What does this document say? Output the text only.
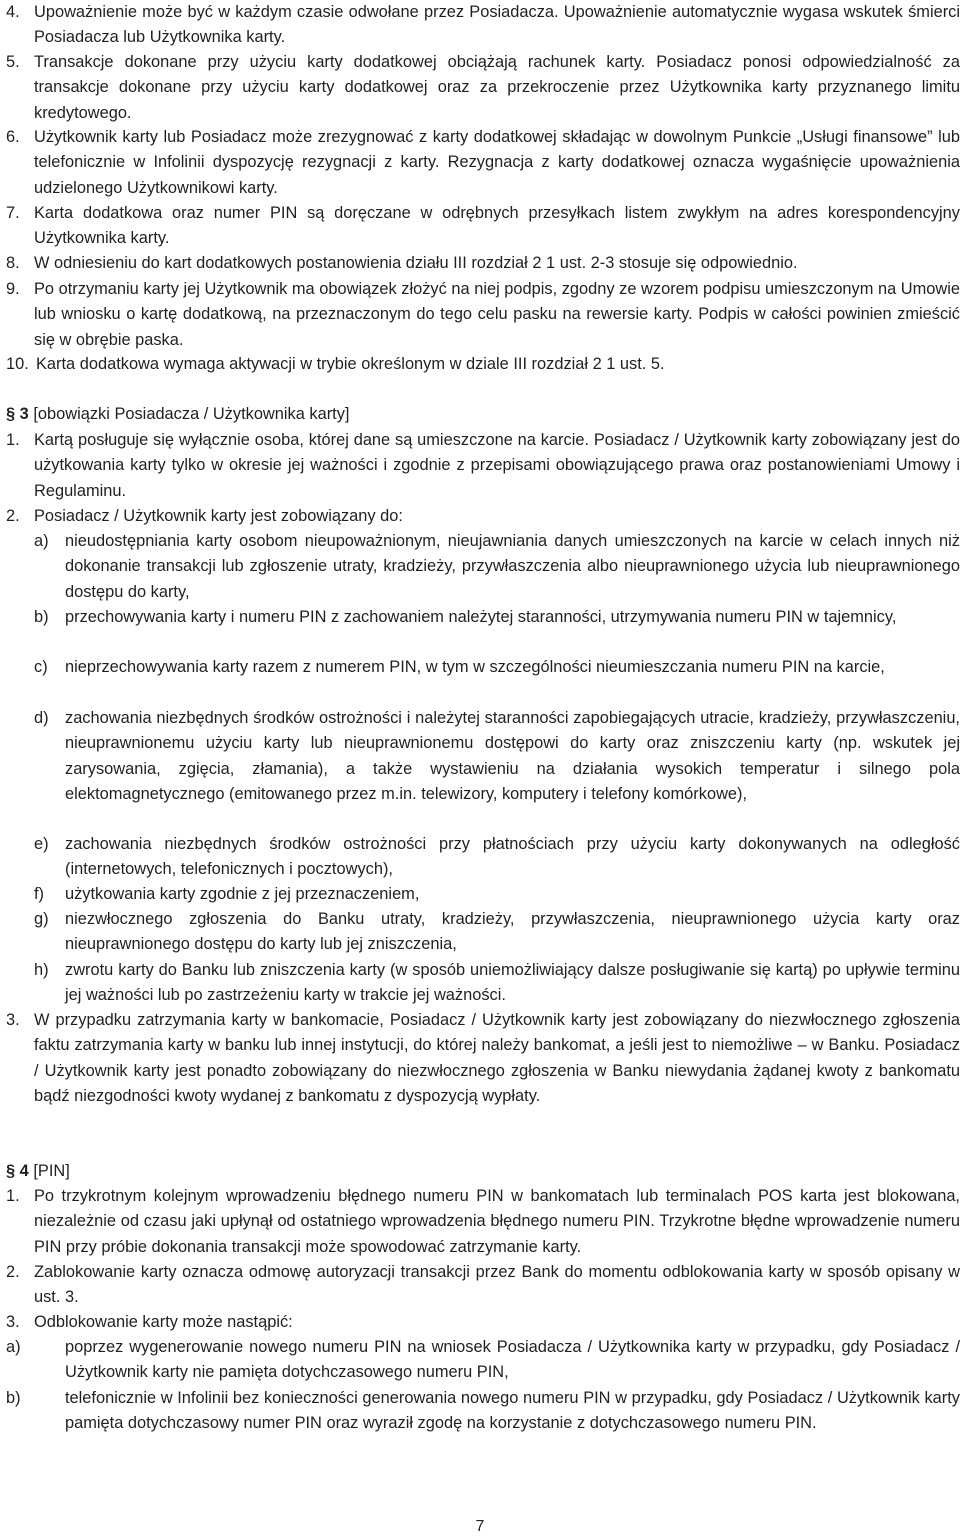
4. Upoważnienie może być w każdym czasie odwołane przez Posiadacza. Upoważnienie automatycznie wygasa wskutek śmierci Posiadacza lub Użytkownika karty.
5. Transakcje dokonane przy użyciu karty dodatkowej obciążają rachunek karty. Posiadacz ponosi odpowiedzialność za transakcje dokonane przy użyciu karty dodatkowej oraz za przekroczenie przez Użytkownika karty przyznanego limitu kredytowego.
6. Użytkownik karty lub Posiadacz może zrezygnować z karty dodatkowej składając w dowolnym Punkcie „Usługi finansowe” lub telefonicznie w Infolinii dyspozycję rezygnacji z karty. Rezygnacja z karty dodatkowej oznacza wygaśnięcie upoważnienia udzielonego Użytkownikowi karty.
7. Karta dodatkowa oraz numer PIN są doręczane w odrębnych przesyłkach listem zwykłym na adres korespondencyjny Użytkownika karty.
8. W odniesieniu do kart dodatkowych postanowienia działu III rozdział 2 1 ust. 2-3 stosuje się odpowiednio.
9. Po otrzymaniu karty jej Użytkownik ma obowiązek złożyć na niej podpis, zgodny ze wzorem podpisu umieszczonym na Umowie lub wniosku o kartę dodatkową, na przeznaczonym do tego celu pasku na rewersie karty. Podpis w całości powinien zmieścić się w obrębie paska.
10. Karta dodatkowa wymaga aktywacji w trybie określonym w dziale III rozdział 2 1 ust. 5.
§ 3 [obowiązki Posiadacza / Użytkownika karty]
1. Kartą posługuje się wyłącznie osoba, której dane są umieszczone na karcie. Posiadacz / Użytkownik karty zobowiązany jest do użytkowania karty tylko w okresie jej ważności i zgodnie z przepisami obowiązującego prawa oraz postanowieniami Umowy i Regulaminu.
2. Posiadacz / Użytkownik karty jest zobowiązany do:
a) nieudostępniania karty osobom nieupoważnionym, nieujawniania danych umieszczonych na karcie w celach innych niż dokonanie transakcji lub zgłoszenie utraty, kradzieży, przywłaszczenia albo nieuprawnionego użycia lub nieuprawnionego dostępu do karty,
b) przechowywania karty i numeru PIN z zachowaniem należytej staranności, utrzymywania numeru PIN w tajemnicy,
c) nieprzechowywania karty razem z numerem PIN, w tym w szczególności nieumieszczania numeru PIN na karcie,
d) zachowania niezbędnych środków ostrożności i należytej staranności zapobiegających utracie, kradzieży, przywłaszczeniu, nieuprawnionemu użyciu karty lub nieuprawnionemu dostępowi do karty oraz zniszczeniu karty (np. wskutek jej zarysowania, zgięcia, złamania), a także wystawieniu na działania wysokich temperatur i silnego pola elektomagnetycznego (emitowanego przez m.in. telewizory, komputery i telefony komórkowe),
e) zachowania niezbędnych środków ostrożności przy płatnościach przy użyciu karty dokonywanych na odległość (internetowych, telefonicznych i pocztowych),
f) użytkowania karty zgodnie z jej przeznaczeniem,
g) niezwłocznego zgłoszenia do Banku utraty, kradzieży, przywłaszczenia, nieuprawnionego użycia karty oraz nieuprawnionego dostępu do karty lub jej zniszczenia,
h) zwrotu karty do Banku lub zniszczenia karty (w sposób uniemożliwiający dalsze posługiwanie się kartą) po upływie terminu jej ważności lub po zastrzeżeniu karty w trakcie jej ważności.
3. W przypadku zatrzymania karty w bankomacie, Posiadacz / Użytkownik karty jest zobowiązany do niezwłocznego zgłoszenia faktu zatrzymania karty w banku lub innej instytucji, do której należy bankomat, a jeśli jest to niemożliwe – w Banku. Posiadacz / Użytkownik karty jest ponadto zobowiązany do niezwłocznego zgłoszenia w Banku niewydania żądanej kwoty z bankomatu bądź niezgodności kwoty wydanej z bankomatu z dyspozycją wypłaty.
§ 4 [PIN]
1. Po trzykrotnym kolejnym wprowadzeniu błędnego numeru PIN w bankomatach lub terminalach POS karta jest blokowana, niezależnie od czasu jaki upłynął od ostatniego wprowadzenia błędnego numeru PIN. Trzykrotne błędne wprowadzenie numeru PIN przy próbie dokonania transakcji może spowodować zatrzymanie karty.
2. Zablokowanie karty oznacza odmowę autoryzacji transakcji przez Bank do momentu odblokowania karty w sposób opisany w ust. 3.
3. Odblokowanie karty może nastąpić:
a)	poprzez wygenerowanie nowego numeru PIN na wniosek Posiadacza / Użytkownika karty w przypadku, gdy Posiadacz / Użytkownik karty nie pamięta dotychczasowego numeru PIN,
b)	telefonicznie w Infolinii bez konieczności generowania nowego numeru PIN w przypadku, gdy Posiadacz / Użytkownik karty pamięta dotychczasowy numer PIN oraz wyraził zgodę na korzystanie z dotychczasowego numeru PIN.
7
